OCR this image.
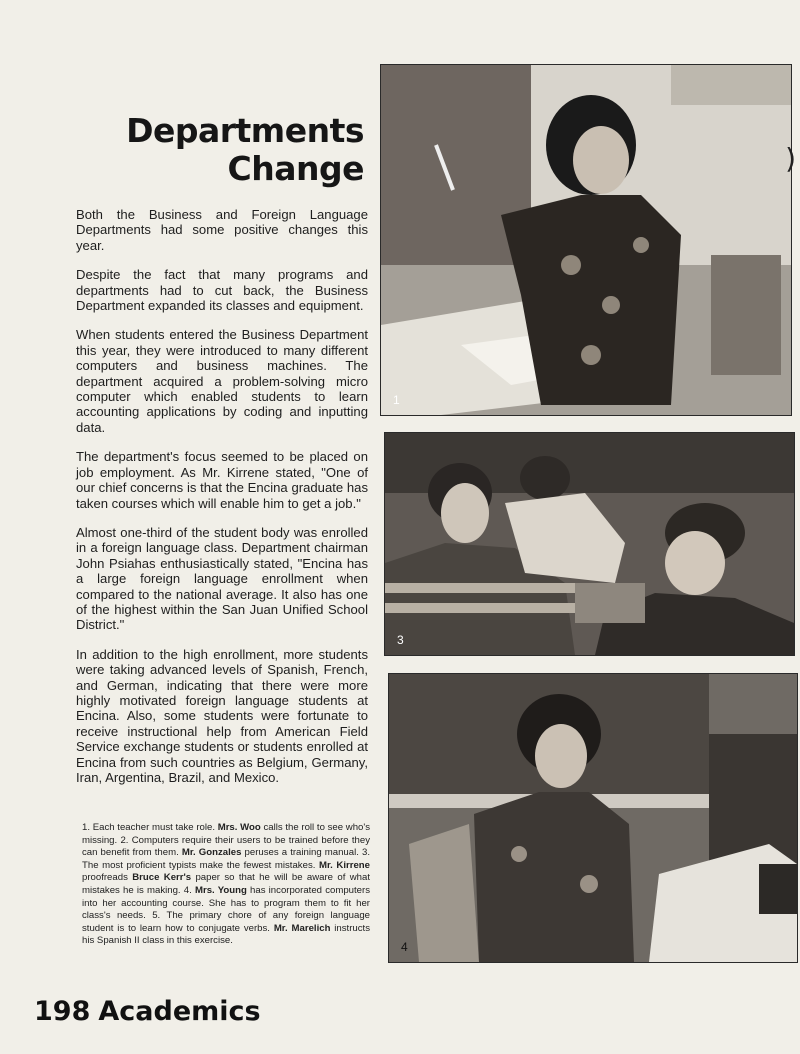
Departments
Change

Both the Business and Foreign Language Departments had some positive changes this year.

Despite the fact that many programs and departments had to cut back, the Business Department expanded its classes and equipment.

When students entered the Business Department this year, they were introduced to many different computers and business machines. The department acquired a problem-solving micro computer which enabled students to learn accounting applications by coding and inputting data.

The department's focus seemed to be placed on job employment. As Mr. Kirrene stated, "One of our chief concerns is that the Encina graduate has taken courses which will enable him to get a job."

Almost one-third of the student body was enrolled in a foreign language class. Department chairman John Psiahas enthusiastically stated, "Encina has a large foreign language enrollment when compared to the national average. It also has one of the highest within the San Juan Unified School District."

In addition to the high enrollment, more students were taking advanced levels of Spanish, French, and German, indicating that there were more highly motivated foreign language students at Encina. Also, some students were fortunate to receive instructional help from American Field Service exchange students or students enrolled at Encina from such countries as Belgium, Germany, Iran, Argentina, Brazil, and Mexico.

1. Each teacher must take role. Mrs. Woo calls the roll to see who's missing. 2. Computers require their users to be trained before they can benefit from them. Mr. Gonzales peruses a training manual. 3. The most proficient typists make the fewest mistakes. Mr. Kirrene proofreads Bruce Kerr's paper so that he will be aware of what mistakes he is making. 4. Mrs. Young has incorporated computers into her accounting course. She has to program them to fit her class's needs. 5. The primary chore of any foreign language student is to learn how to conjugate verbs. Mr. Marelich instructs his Spanish II class in this exercise.
1
3
4
)
198 Academics
